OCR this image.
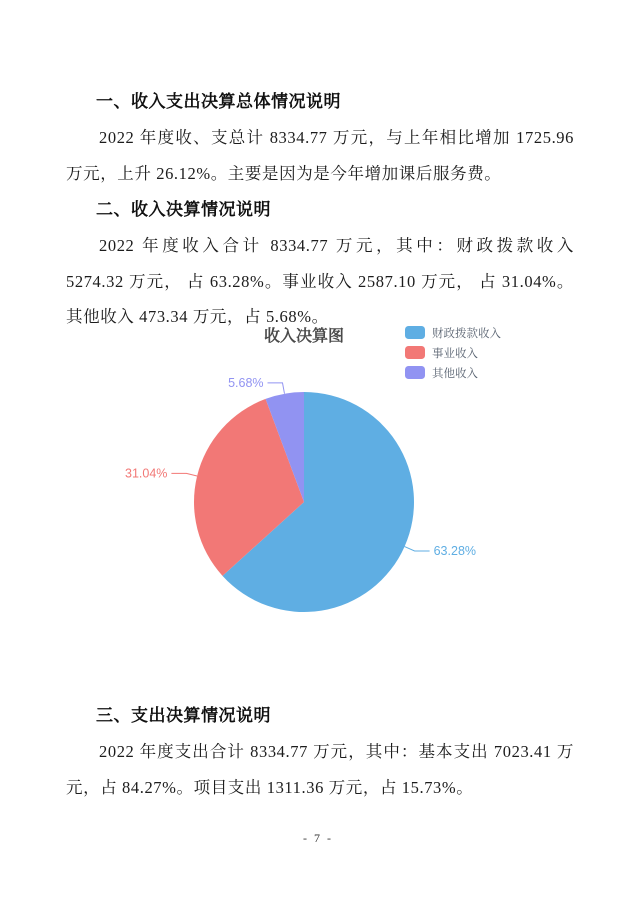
一、收入支出决算总体情况说明

2022 年度收、支总计 8334.77 万元，与上年相比增加 1725.96 万元，上升 26.12%。主要是因为是今年增加课后服务费。

二、收入决算情况说明

2022 年度收入合计 8334.77 万元，其中：财政拨款收入 5274.32 万元， 占 63.28%。事业收入 2587.10 万元， 占 31.04%。其他收入 473.34 万元，占 5.68%。

收入决算图
63.28%
31.04%
5.68%
财政拨款收入
事业收入
其他收入
三、支出决算情况说明

2022 年度支出合计 8334.77 万元，其中：基本支出 7023.41 万元，占 84.27%。项目支出 1311.36 万元，占 15.73%。

- 7 -
